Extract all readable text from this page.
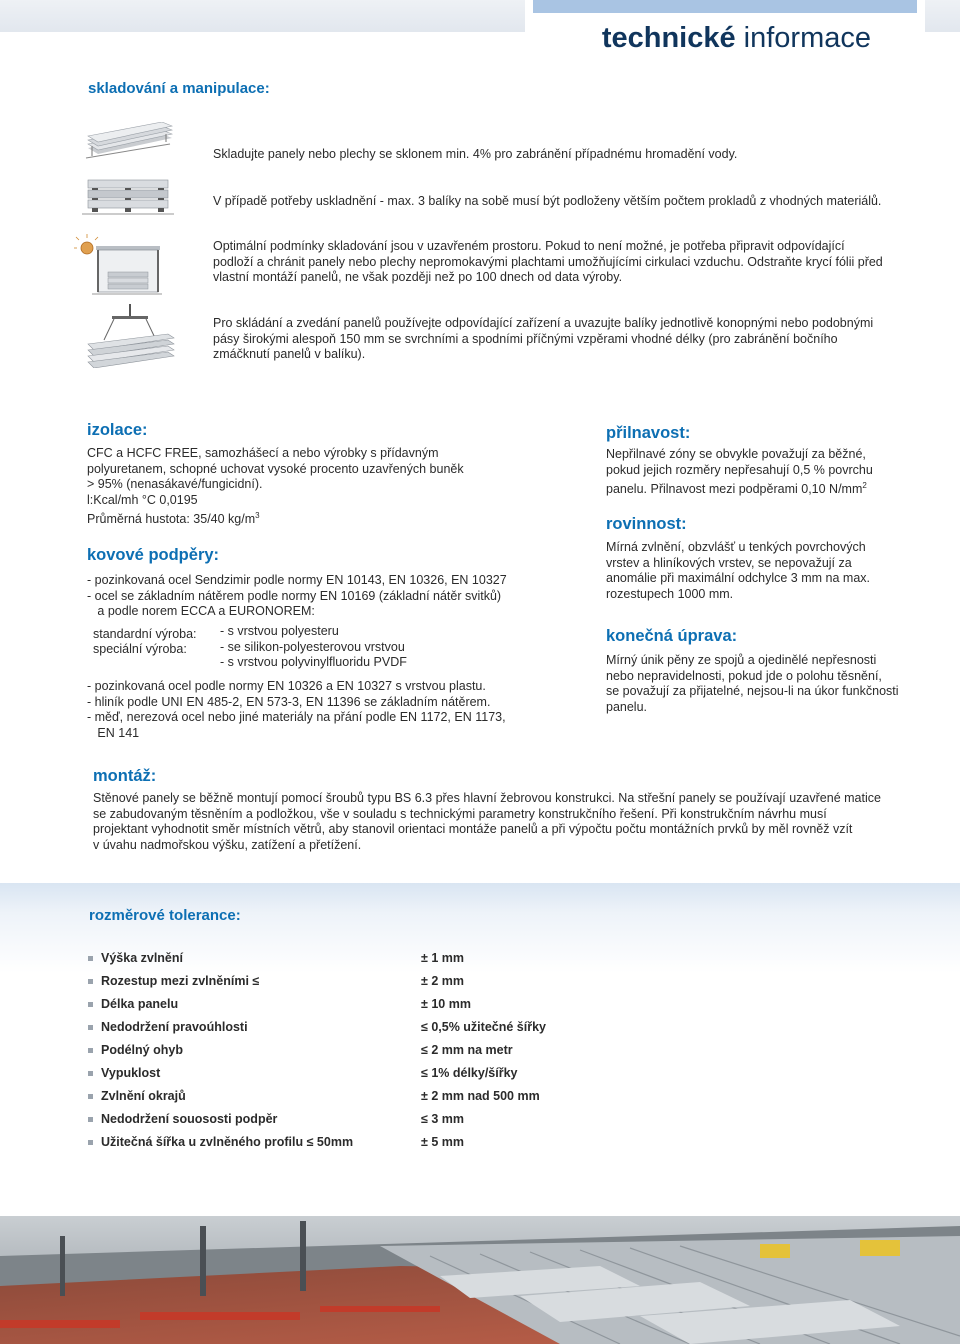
technické informace
skladování a manipulace:

Skladujte panely nebo plechy se sklonem min. 4% pro zabránění případnému hromadění vody.

V případě potřeby uskladnění - max. 3 balíky na sobě musí být podloženy větším počtem prokladů z vhodných materiálů.

Optimální podmínky skladování jsou v uzavřeném prostoru. Pokud to není možné, je potřeba připravit odpovídající

podloží a chránit panely nebo plechy nepromokavými plachtami umožňujícími cirkulaci vzduchu. Odstraňte krycí fólii před

vlastní montáží panelů, ne však později než po 100 dnech od data výroby.

Pro skládání a zvedání panelů používejte odpovídající zařízení a uvazujte balíky jednotlivě konopnými nebo podobnými

pásy širokými alespoň 150 mm se svrchními a spodními příčnými vzpěrami vhodné délky (pro zabránění bočního

zmáčknutí panelů v balíku).

izolace:

CFC a HCFC FREE, samozhášecí a nebo výrobky s přídavným

polyuretanem, schopné uchovat vysoké procento uzavřených buněk

> 95% (nenasákavé/fungicidní).

l:Kcal/mh °C 0,0195

Průměrná hustota: 35/40 $kg/m^3$

kovové podpěry:

- pozinkovaná ocel Sendzimir podle normy EN 10143, EN 10326, EN 10327

- ocel se základním nátěrem podle normy EN 10169 (základní nátěr svitků)

a podle norem ECCA a EURONOREM:

standardní výroba:
speciální výroba:

- s vrstvou polyesteru

- se silikon-polyesterovou vrstvou

- s vrstvou polyvinylfluoridu PVDF

- pozinkovaná ocel podle normy EN 10326 a EN 10327 s vrstvou plastu.

- hliník podle UNI EN 485-2, EN 573-3, EN 11396 se základním nátěrem.

- měď, nerezová ocel nebo jiné materiály na přání podle EN 1172, EN 1173,

EN 141

přilnavost:

Nepřilnavé zóny se obvykle považují za běžné,

pokud jejich rozměry nepřesahují 0,5 % povrchu

panelu. Přilnavost mezi podpěrami 0,10 $N/mm^2$

rovinnost:

Mírná zvlnění, obzvlášť u tenkých povrchových

vrstev a hliníkových vrstev, se nepovažují za

anomálie při maximální odchylce 3 mm na max.

rozestupech 1000 mm.

konečná úprava:

Mírný únik pěny ze spojů a ojedinělé nepřesnosti

nebo nepravidelnosti, pokud jde o polohu těsnění,

se považují za přijatelné, nejsou-li na úkor funkčnosti

panelu.

montáž:

Stěnové panely se běžně montují pomocí šroubů typu BS 6.3 přes hlavní žebrovou konstrukci. Na střešní panely se používají uzavřené matice

se zabudovaným těsněním a podložkou, vše v souladu s technickými parametry konstrukčního řešení. Při konstrukčním návrhu musí

projektant vyhodnotit směr místních větrů, aby stanovil orientaci montáže panelů a při výpočtu počtu montážních prvků by měl rovněž vzít

v úvahu nadmořskou výšku, zatížení a přetížení.

rozměrové tolerance:
Výška zvlnění	± 1 mm
Rozestup mezi zvlněními ≤	± 2 mm
Délka panelu	± 10 mm
Nedodržení pravoúhlosti	≤ 0,5% užitečné šířky
Podélný ohyb	≤ 2 mm na metr
Vypuklost	≤ 1% délky/šířky
Zvlnění okrajů	± 2 mm nad 500 mm
Nedodržení souososti podpěr	≤ 3 mm
Užitečná šířka u zvlněného profilu ≤ 50mm	± 5 mm
